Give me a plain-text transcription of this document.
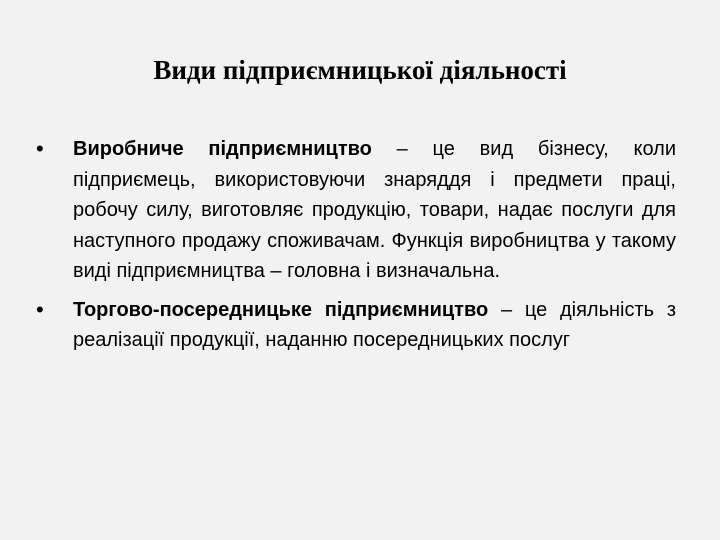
Види підприємницької діяльності
•	Виробниче підприємництво – це вид бізнесу, коли підприємець, використовуючи знаряддя і предмети праці, робочу силу, виготовляє продукцію, товари, надає послуги для наступного продажу споживачам. Функція виробництва у такому виді підприємництва – головна і визначальна.
•	Торгово-посередницьке підприємництво – це діяльність з реалізації продукції, наданню посередницьких послуг
